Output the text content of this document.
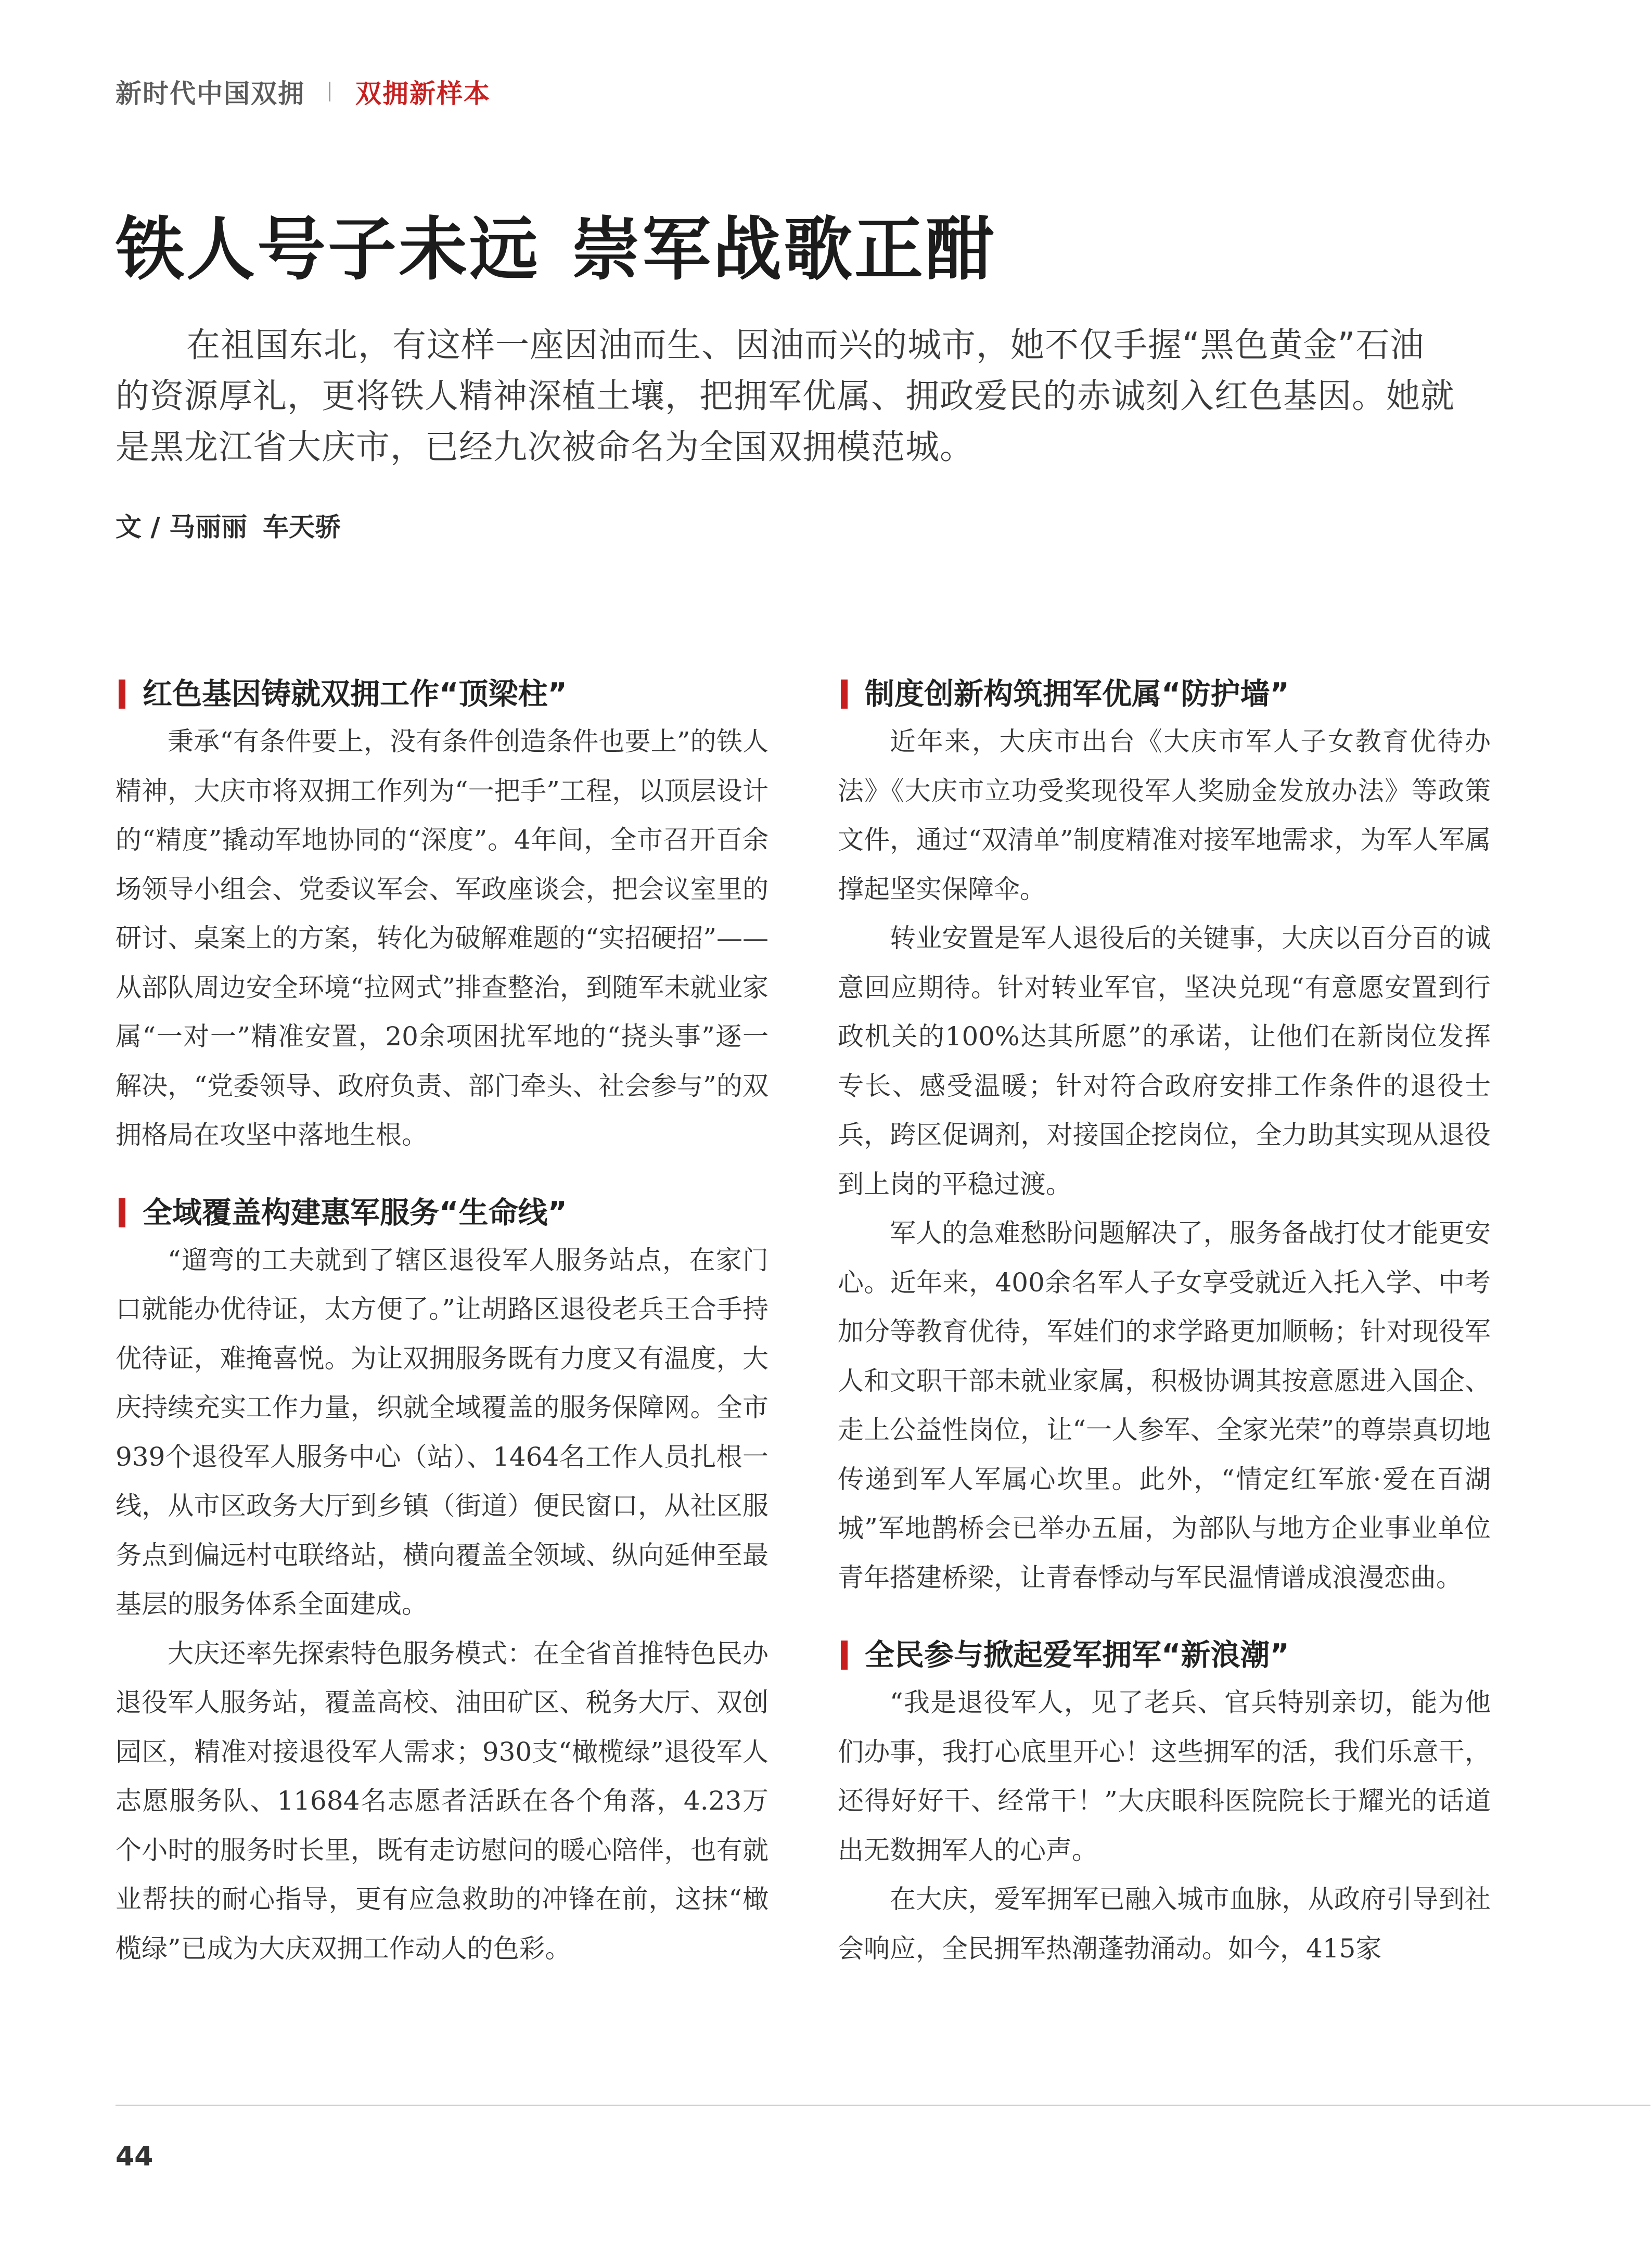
新时代中国双拥 双拥新样本
铁人号子未远 崇军战歌正酣

在祖国东北，有这样一座因油而生、因油而兴的城市，她不仅手握“黑色黄金”石油的资源厚礼，更将铁人精神深植土壤，把拥军优属、拥政爱民的赤诚刻入红色基因。她就是黑龙江省大庆市，已经九次被命名为全国双拥模范城。

文 / 马丽丽 车天骄
红色基因铸就双拥工作“顶梁柱”

秉承“有条件要上，没有条件创造条件也要上”的铁人精神，大庆市将双拥工作列为“一把手”工程，以顶层设计的“精度”撬动军地协同的“深度”。4年间，全市召开百余场领导小组会、党委议军会、军政座谈会，把会议室里的研讨、桌案上的方案，转化为破解难题的“实招硬招”——从部队周边安全环境“拉网式”排查整治，到随军未就业家属“一对一”精准安置，20余项困扰军地的“挠头事”逐一解决，“党委领导、政府负责、部门牵头、社会参与”的双拥格局在攻坚中落地生根。

全域覆盖构建惠军服务“生命线”

“遛弯的工夫就到了辖区退役军人服务站点，在家门口就能办优待证，太方便了。”让胡路区退役老兵王合手持优待证，难掩喜悦。为让双拥服务既有力度又有温度，大庆持续充实工作力量，织就全域覆盖的服务保障网。全市939个退役军人服务中心（站）、1464名工作人员扎根一线，从市区政务大厅到乡镇（街道）便民窗口，从社区服务点到偏远村屯联络站，横向覆盖全领域、纵向延伸至最基层的服务体系全面建成。

大庆还率先探索特色服务模式：在全省首推特色民办退役军人服务站，覆盖高校、油田矿区、税务大厅、双创园区，精准对接退役军人需求；930支“橄榄绿”退役军人志愿服务队、11684名志愿者活跃在各个角落，4.23万个小时的服务时长里，既有走访慰问的暖心陪伴，也有就业帮扶的耐心指导，更有应急救助的冲锋在前，这抹“橄榄绿”已成为大庆双拥工作动人的色彩。

制度创新构筑拥军优属“防护墙”

近年来，大庆市出台《大庆市军人子女教育优待办法》《大庆市立功受奖现役军人奖励金发放办法》等政策文件，通过“双清单”制度精准对接军地需求，为军人军属撑起坚实保障伞。

转业安置是军人退役后的关键事，大庆以百分百的诚意回应期待。针对转业军官，坚决兑现“有意愿安置到行政机关的100%达其所愿”的承诺，让他们在新岗位发挥专长、感受温暖；针对符合政府安排工作条件的退役士兵，跨区促调剂，对接国企挖岗位，全力助其实现从退役到上岗的平稳过渡。

军人的急难愁盼问题解决了，服务备战打仗才能更安心。近年来，400余名军人子女享受就近入托入学、中考加分等教育优待，军娃们的求学路更加顺畅；针对现役军人和文职干部未就业家属，积极协调其按意愿进入国企、走上公益性岗位，让“一人参军、全家光荣”的尊崇真切地传递到军人军属心坎里。此外，“情定红军旅·爱在百湖城”军地鹊桥会已举办五届，为部队与地方企业事业单位青年搭建桥梁，让青春悸动与军民温情谱成浪漫恋曲。

全民参与掀起爱军拥军“新浪潮”

“我是退役军人，见了老兵、官兵特别亲切，能为他们办事，我打心底里开心！这些拥军的活，我们乐意干，还得好好干、经常干！”大庆眼科医院院长于耀光的话道出无数拥军人的心声。

在大庆，爱军拥军已融入城市血脉，从政府引导到社会响应，全民拥军热潮蓬勃涌动。如今，415家

44
